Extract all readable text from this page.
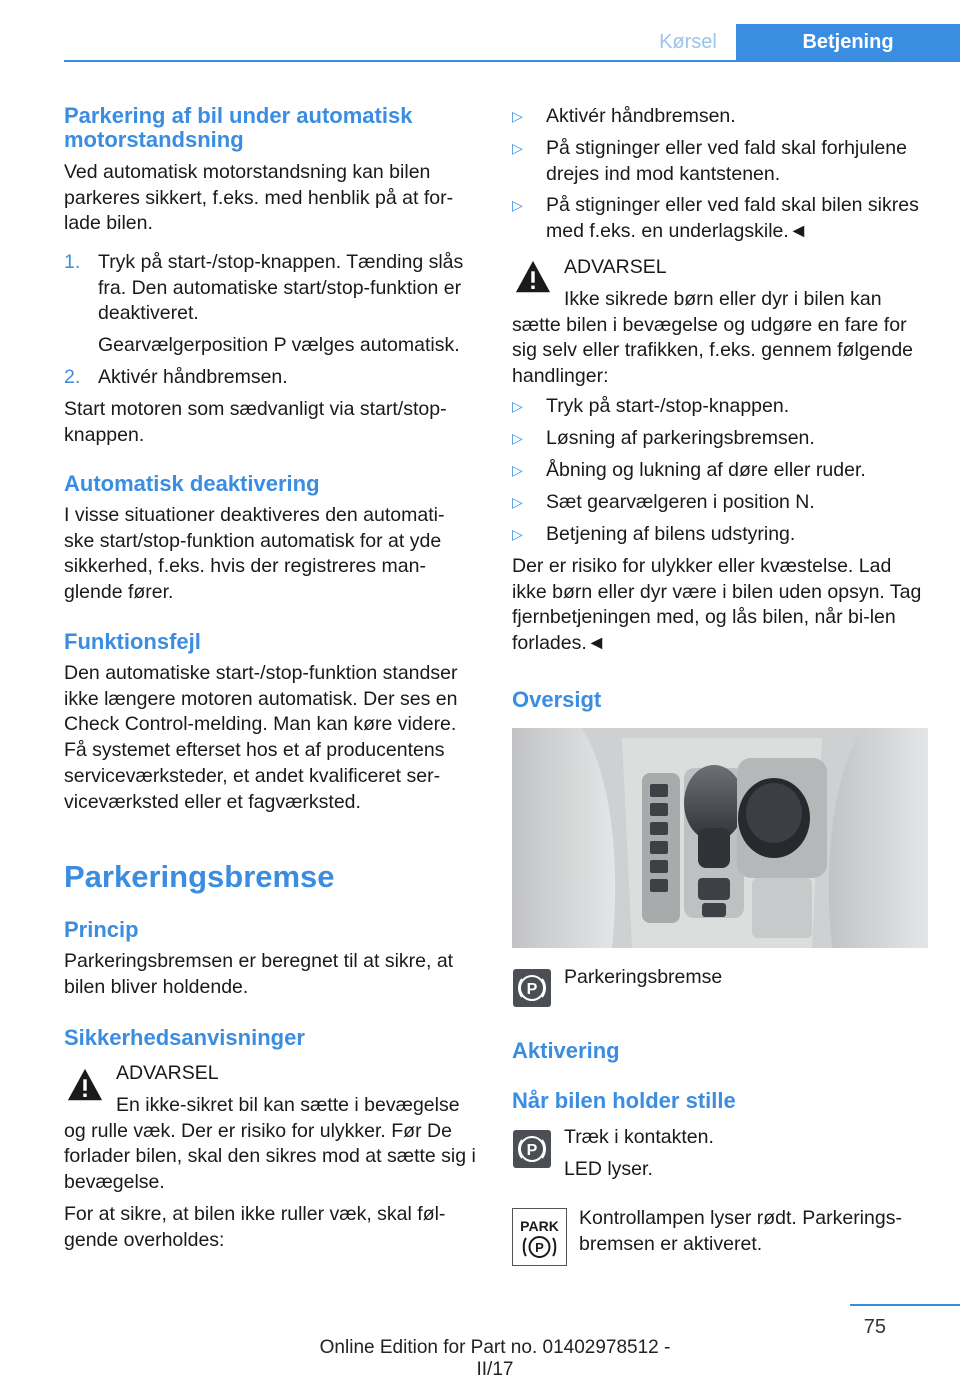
Kørsel	Betjening
Parkering af bil under automatisk motorstandsning
Ved automatisk motorstandsning kan bilen parkeres sikkert, f.eks. med henblik på at for-lade bilen.
1. Tryk på start-/stop-knappen. Tænding slås fra. Den automatiske start/stop-funktion er deaktiveret.
Gearvælgerposition P vælges automatisk.
2. Aktivér håndbremsen.
Start motoren som sædvanligt via start/stop-knappen.
Automatisk deaktivering
I visse situationer deaktiveres den automati-ske start/stop-funktion automatisk for at yde sikkerhed, f.eks. hvis der registreres man-glende fører.
Funktionsfejl
Den automatiske start-/stop-funktion standser ikke længere motoren automatisk. Der ses en Check Control-melding. Man kan køre videre. Få systemet efterset hos et af producentens serviceværksteder, et andet kvalificeret ser-viceværksted eller et fagværksted.
Parkeringsbremse
Princip
Parkeringsbremsen er beregnet til at sikre, at bilen bliver holdende.
Sikkerhedsanvisninger
ADVARSEL
En ikke-sikret bil kan sætte i bevægelse og rulle væk. Der er risiko for ulykker. Før De forlader bilen, skal den sikres mod at sætte sig i bevægelse.
For at sikre, at bilen ikke ruller væk, skal føl-gende overholdes:
▷ Aktivér håndbremsen.
▷ På stigninger eller ved fald skal forhjulene drejes ind mod kantstenen.
▷ På stigninger eller ved fald skal bilen sikres med f.eks. en underlagskile.◄
ADVARSEL
Ikke sikrede børn eller dyr i bilen kan sætte bilen i bevægelse og udgøre en fare for sig selv eller trafikken, f.eks. gennem følgende handlinger:
▷ Tryk på start-/stop-knappen.
▷ Løsning af parkeringsbremsen.
▷ Åbning og lukning af døre eller ruder.
▷ Sæt gearvælgeren i position N.
▷ Betjening af bilens udstyring.
Der er risiko for ulykker eller kvæstelse. Lad ikke børn eller dyr være i bilen uden opsyn. Tag fjernbetjeningen med, og lås bilen, når bi-len forlades.◄
Oversigt
P
Parkeringsbremse
Aktivering
Når bilen holder stille
P
Træk i kontakten.
LED lyser.
PARK
P
Kontrollampen lyser rødt. Parkerings-bremsen er aktiveret.
75
Online Edition for Part no. 01402978512 - II/17
